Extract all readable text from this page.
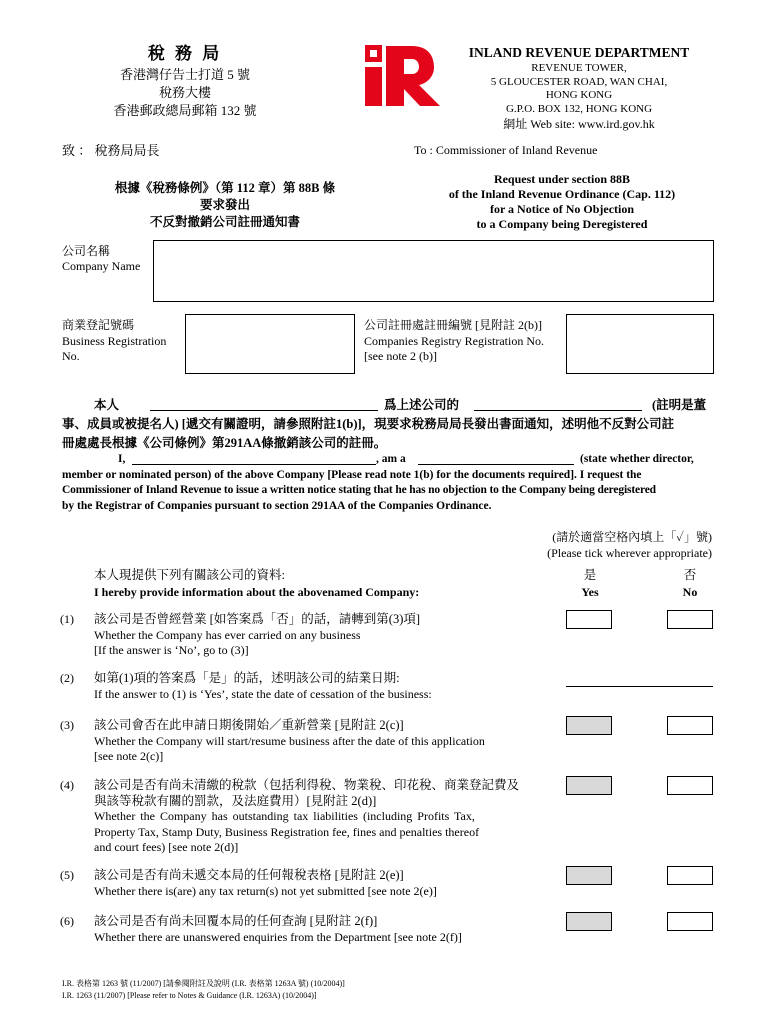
稅 務 局
香港灣仔告士打道 5 號
稅務大樓
香港郵政總局郵箱 132 號
INLAND REVENUE DEPARTMENT
REVENUE TOWER,
5 GLOUCESTER ROAD, WAN CHAI,
HONG KONG
G.P.O. BOX 132, HONG KONG
網址 Web site: www.ird.gov.hk
致 ： 稅務局局長	To : Commissioner of Inland Revenue
根據《稅務條例》（第 112 章）第 88B 條
要求發出
不反對撤銷公司註冊通知書
Request under section 88B
of the Inland Revenue Ordinance (Cap. 112)
for a Notice of No Objection
to a Company being Deregistered
公司名稱
Company Name
商業登記號碼
Business Registration
No.
公司註冊處註冊編號 [見附註 2(b)]
Companies Registry Registration No.
[see note 2 (b)]
本人	爲上述公司的	(註明是董
事、成員或被提名人) [遞交有關證明，請參照附註1(b)]，現要求稅務局局長發出書面通知，述明他不反對公司註
冊處處長根據《公司條例》第291AA條撤銷該公司的註冊。
I,	, am a	(state whether director,
member or nominated person) of the above Company [Please read note 1(b) for the documents required]. I request the
Commissioner of Inland Revenue to issue a written notice stating that he has no objection to the Company being deregistered
by the Registrar of Companies pursuant to section 291AA of the Companies Ordinance.
(請於適當空格內填上「✓」號)
(Please tick wherever appropriate)
本人現提供下列有關該公司的資料:
I hereby provide information about the abovenamed Company:
是
Yes
否
No
(1) 該公司是否曾經營業 [如答案爲「否」的話，請轉到第(3)項]
Whether the Company has ever carried on any business
[If the answer is ‘No’, go to (3)]
(2) 如第(1)項的答案爲「是」的話，述明該公司的結業日期:
If the answer to (1) is ‘Yes’, state the date of cessation of the business:
(3) 該公司會否在此申請日期後開始／重新營業 [見附註 2(c)]
Whether the Company will start/resume business after the date of this application
[see note 2(c)]
(4) 該公司是否有尚未清繳的稅款（包括利得稅、物業稅、印花稅、商業登記費及
與該等稅款有關的罰款，及法庭費用）[見附註 2(d)]
Whether the Company has outstanding tax liabilities (including Profits Tax,
Property Tax, Stamp Duty, Business Registration fee, fines and penalties thereof
and court fees) [see note 2(d)]
(5) 該公司是否有尚未遞交本局的任何報稅表格 [見附註 2(e)]
Whether there is(are) any tax return(s) not yet submitted [see note 2(e)]
(6) 該公司是否有尚未回覆本局的任何查詢 [見附註 2(f)]
Whether there are unanswered enquiries from the Department [see note 2(f)]
I.R. 表格第 1263 號 (11/2007) [請參閱附註及說明 (I.R. 表格第 1263A 號) (10/2004)]
I.R. 1263 (11/2007) [Please refer to Notes & Guidance (I.R. 1263A) (10/2004)]
